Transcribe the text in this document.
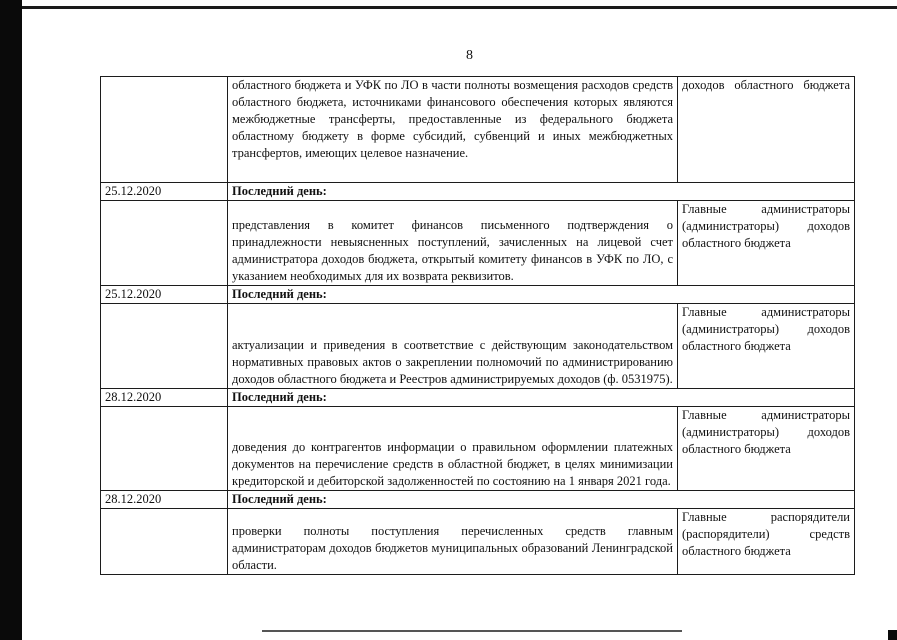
8
	областного бюджета и УФК по ЛО в части полноты возмещения расходов средств областного бюджета, источниками финансового обеспечения которых являются межбюджетные трансферты, предоставленные из федерального бюджета областному бюджету в форме субсидий, субвенций и иных межбюджетных трансфертов, имеющих целевое назначение.	доходов областного бюджета
25.12.2020	Последний день:	
	представления в комитет финансов письменного подтверждения о принадлежности невыясненных поступлений, зачисленных на лицевой счет администратора доходов бюджета, открытый комитету финансов в УФК по ЛО, с указанием необходимых для их возврата реквизитов.	Главные администраторы (администраторы) доходов областного бюджета
25.12.2020	Последний день:	
	актуализации и приведения в соответствие с действующим законодательством нормативных правовых актов о закреплении полномочий по администрированию доходов областного бюджета и Реестров администрируемых доходов (ф. 0531975).	Главные администраторы (администраторы) доходов областного бюджета
28.12.2020	Последний день:	
	доведения до контрагентов информации о правильном оформлении платежных документов на перечисление средств в областной бюджет, в целях минимизации кредиторской и дебиторской задолженностей по состоянию на 1 января 2021 года.	Главные администраторы (администраторы) доходов областного бюджета
28.12.2020	Последний день:	
	проверки полноты поступления перечисленных средств главным администраторам доходов бюджетов муниципальных образований Ленинградской области.	Главные распорядители (распорядители) средств областного бюджета
